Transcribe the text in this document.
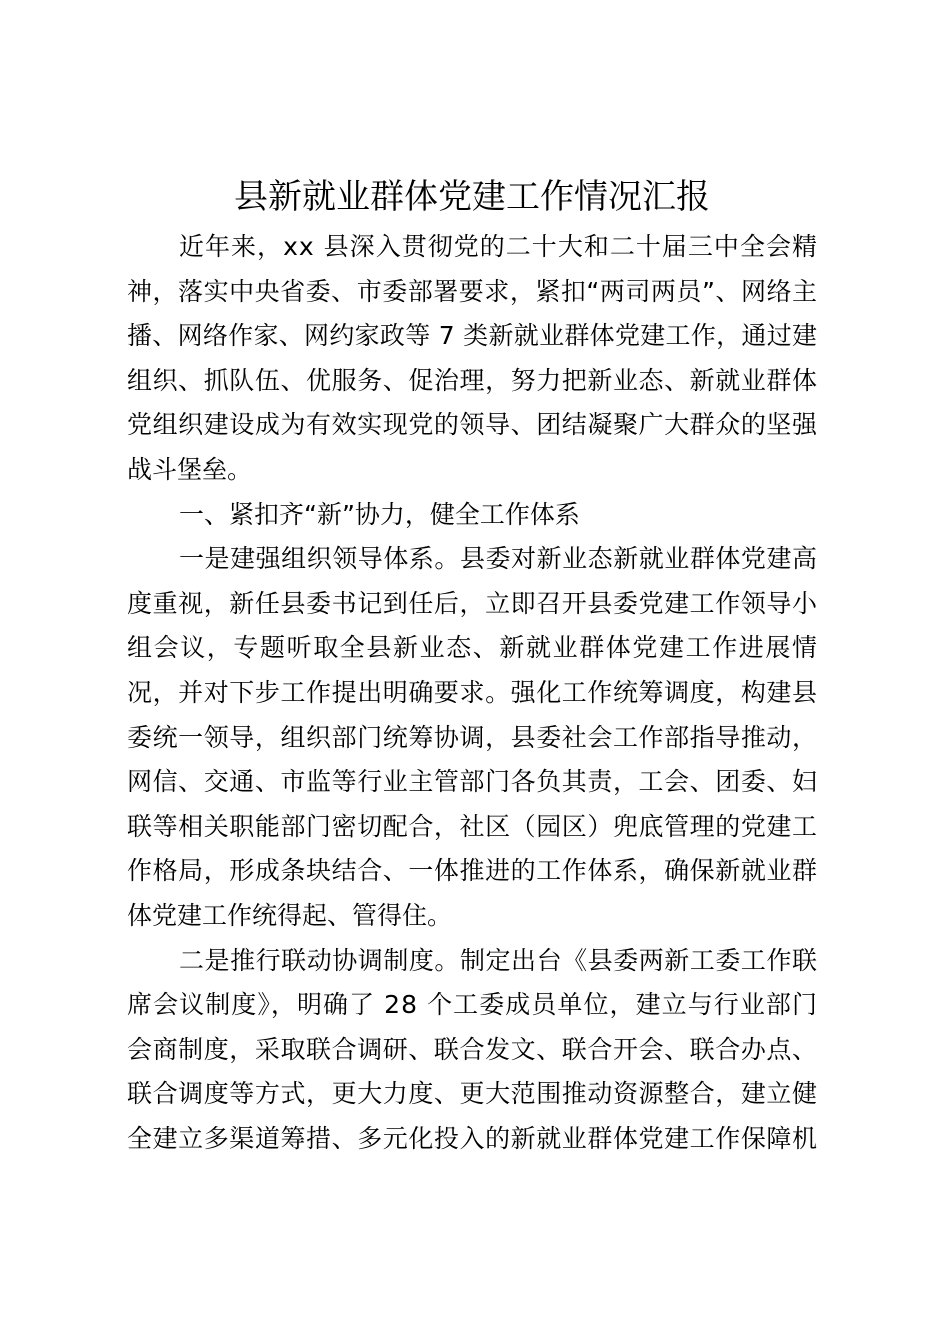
县新就业群体党建工作情况汇报
近年来，xx 县深入贯彻党的二十大和二十届三中全会精
神，落实中央省委、市委部署要求，紧扣“两司两员”、网络主
播、网络作家、网约家政等 7 类新就业群体党建工作，通过建
组织、抓队伍、优服务、促治理，努力把新业态、新就业群体
党组织建设成为有效实现党的领导、团结凝聚广大群众的坚强
战斗堡垒。
一、紧扣齐“新”协力，健全工作体系
一是建强组织领导体系。县委对新业态新就业群体党建高
度重视，新任县委书记到任后，立即召开县委党建工作领导小
组会议，专题听取全县新业态、新就业群体党建工作进展情
况，并对下步工作提出明确要求。强化工作统筹调度，构建县
委统一领导，组织部门统筹协调，县委社会工作部指导推动，
网信、交通、市监等行业主管部门各负其责，工会、团委、妇
联等相关职能部门密切配合，社区（园区）兜底管理的党建工
作格局，形成条块结合、一体推进的工作体系，确保新就业群
体党建工作统得起、管得住。
二是推行联动协调制度。制定出台《县委两新工委工作联
席会议制度》，明确了 28 个工委成员单位，建立与行业部门
会商制度，采取联合调研、联合发文、联合开会、联合办点、
联合调度等方式，更大力度、更大范围推动资源整合，建立健
全建立多渠道筹措、多元化投入的新就业群体党建工作保障机
